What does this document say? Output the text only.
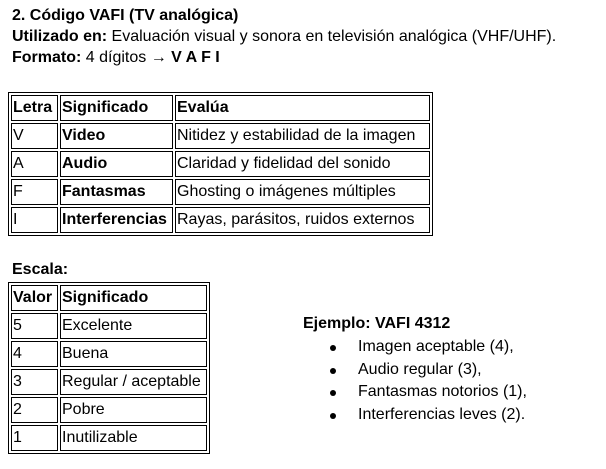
2. Código VAFI (TV analógica)
Utilizado en: Evaluación visual y sonora en televisión analógica (VHF/UHF).
Formato: 4 dígitos → V A F I
Letra	Significado	Evalúa
V	Video	Nitidez y estabilidad de la imagen
A	Audio	Claridad y fidelidad del sonido
F	Fantasmas	Ghosting o imágenes múltiples
I	Interferencias	Rayas, parásitos, ruidos externos
Escala:
Valor	Significado
5	Excelente
4	Buena
3	Regular / aceptable
2	Pobre
1	Inutilizable
Ejemplo: VAFI 4312
Imagen aceptable (4),
Audio regular (3),
Fantasmas notorios (1),
Interferencias leves (2).
